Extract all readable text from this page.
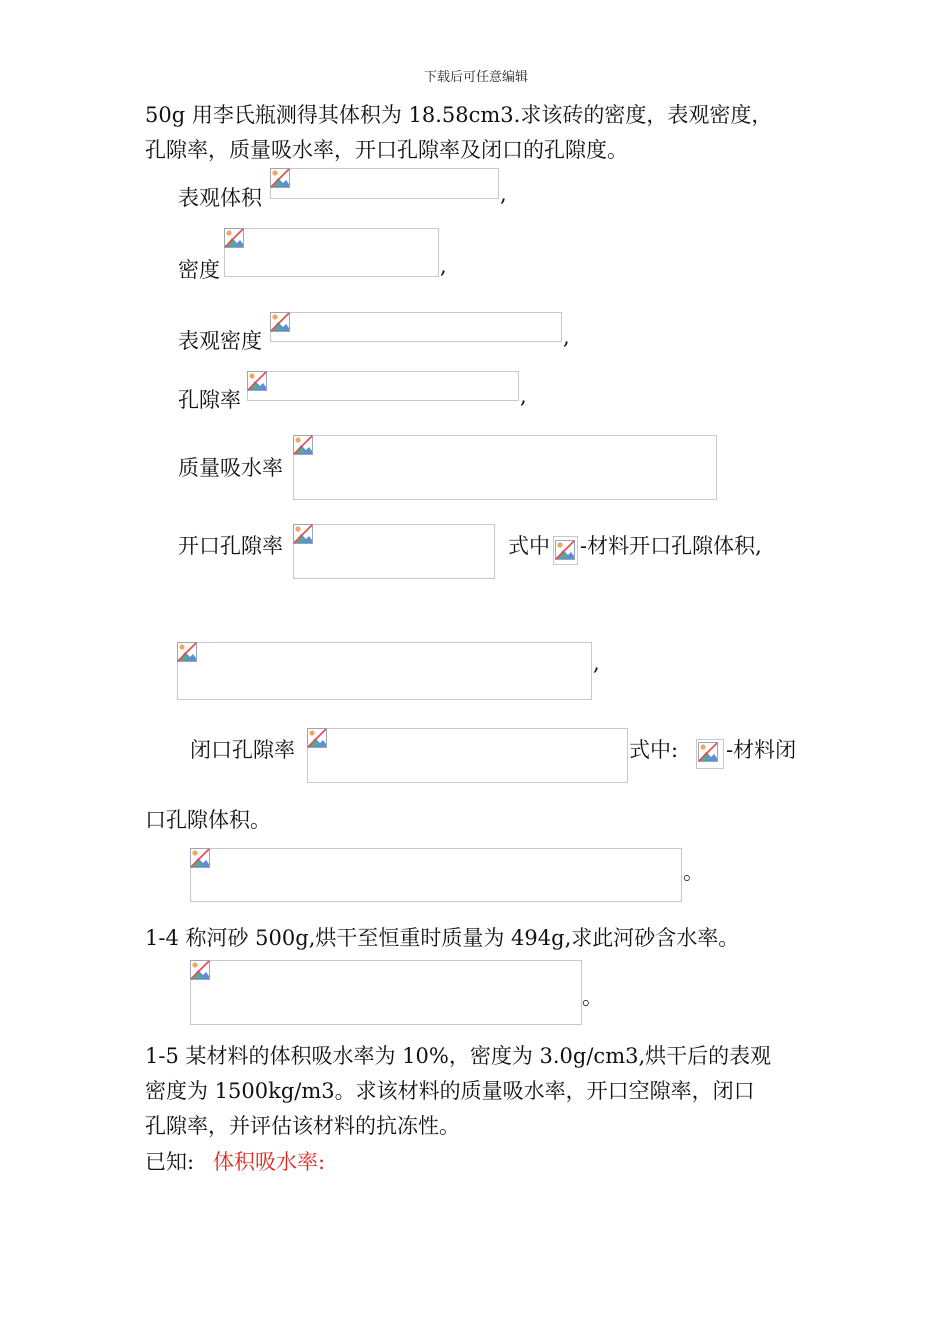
下载后可任意编辑
50g 用李氏瓶测得其体积为 18.58cm3.求该砖的密度，表观密度，
孔隙率，质量吸水率，开口孔隙率及闭口的孔隙度。
表观体积	,
密度	,
表观密度	,
孔隙率	,
质量吸水率
开口孔隙率	式中 -材料开口孔隙体积,
,
闭口孔隙率	式中: -材料闭
口孔隙体积。
。
1-4 称河砂 500g,烘干至恒重时质量为 494g,求此河砂含水率。
。
1-5 某材料的体积吸水率为 10%，密度为 3.0g/cm3,烘干后的表观
密度为 1500kg/m3。求该材料的质量吸水率，开口空隙率，闭口
孔隙率，并评估该材料的抗冻性。
已知: 体积吸水率:
